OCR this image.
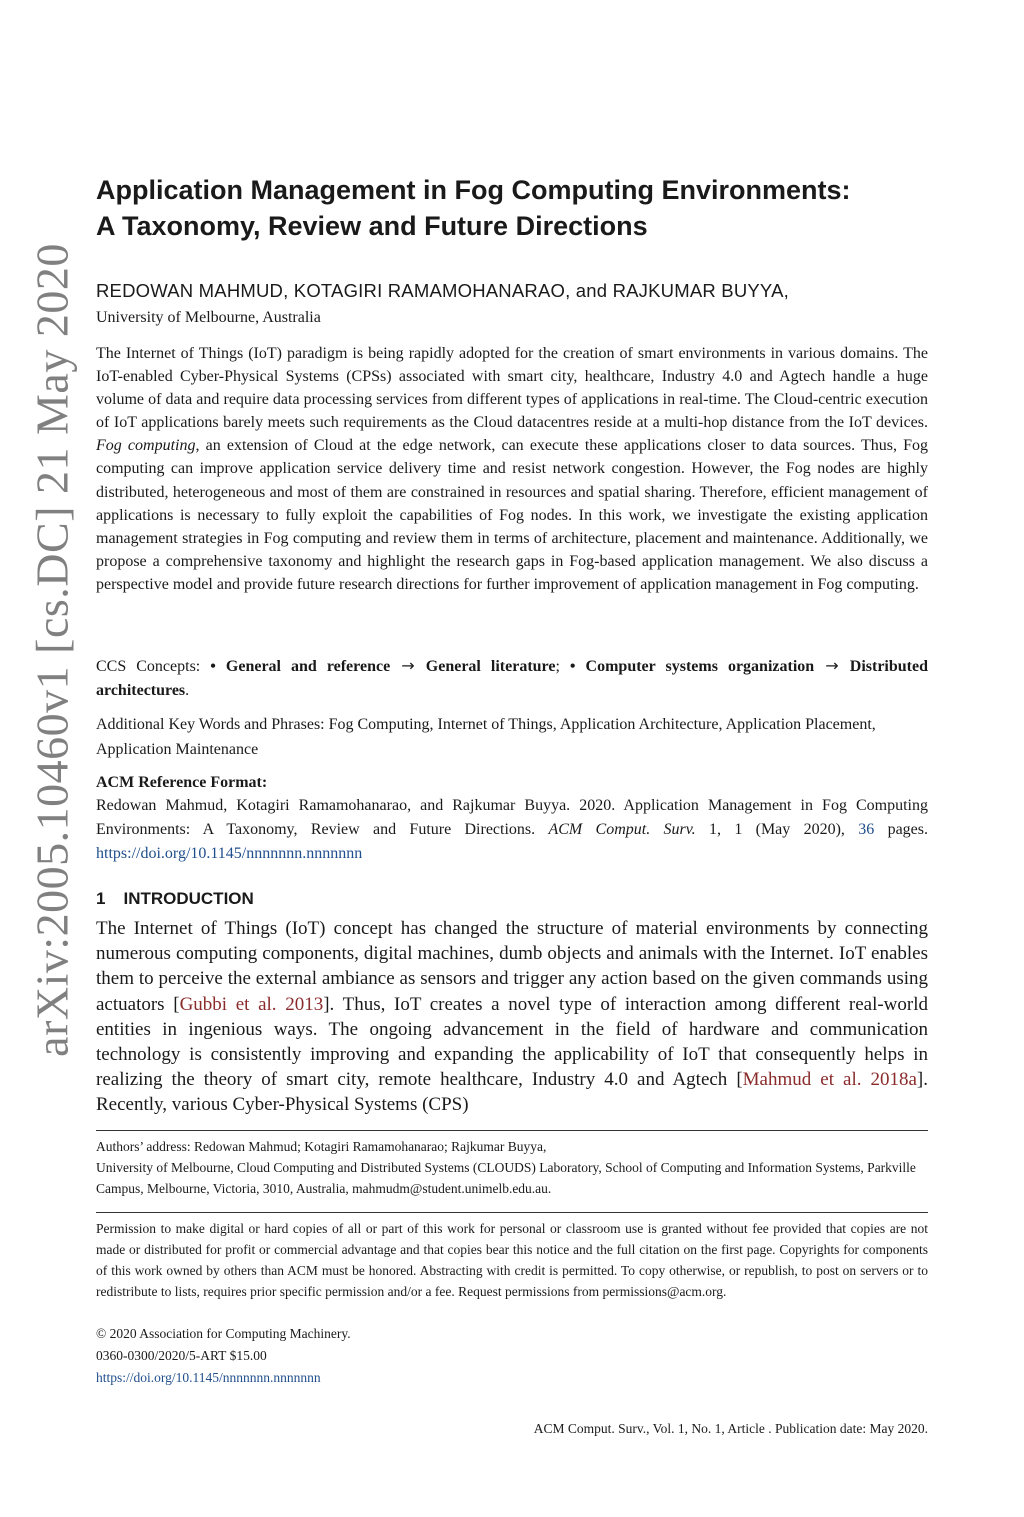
arXiv:2005.10460v1 [cs.DC] 21 May 2020
Application Management in Fog Computing Environments:
A Taxonomy, Review and Future Directions
REDOWAN MAHMUD, KOTAGIRI RAMAMOHANARAO, and RAJKUMAR BUYYA,
University of Melbourne, Australia

The Internet of Things (IoT) paradigm is being rapidly adopted for the creation of smart environments in various domains. The IoT-enabled Cyber-Physical Systems (CPSs) associated with smart city, healthcare, Industry 4.0 and Agtech handle a huge volume of data and require data processing services from different types of applications in real-time. The Cloud-centric execution of IoT applications barely meets such requirements as the Cloud datacentres reside at a multi-hop distance from the IoT devices. Fog computing, an extension of Cloud at the edge network, can execute these applications closer to data sources. Thus, Fog computing can improve application service delivery time and resist network congestion. However, the Fog nodes are highly distributed, heterogeneous and most of them are constrained in resources and spatial sharing. Therefore, efficient management of applications is necessary to fully exploit the capabilities of Fog nodes. In this work, we investigate the existing application management strategies in Fog computing and review them in terms of architecture, placement and maintenance. Additionally, we propose a comprehensive taxonomy and highlight the research gaps in Fog-based application management. We also discuss a perspective model and provide future research directions for further improvement of application management in Fog computing.

CCS Concepts: • General and reference → General literature; • Computer systems organization → Distributed architectures.

Additional Key Words and Phrases: Fog Computing, Internet of Things, Application Architecture, Application Placement, Application Maintenance

ACM Reference Format:

Redowan Mahmud, Kotagiri Ramamohanarao, and Rajkumar Buyya. 2020. Application Management in Fog Computing Environments: A Taxonomy, Review and Future Directions. ACM Comput. Surv. 1, 1 (May 2020), 36 pages. https://doi.org/10.1145/nnnnnnn.nnnnnnn

1 INTRODUCTION

The Internet of Things (IoT) concept has changed the structure of material environments by connecting numerous computing components, digital machines, dumb objects and animals with the Internet. IoT enables them to perceive the external ambiance as sensors and trigger any action based on the given commands using actuators [Gubbi et al. 2013]. Thus, IoT creates a novel type of interaction among different real-world entities in ingenious ways. The ongoing advancement in the field of hardware and communication technology is consistently improving and expanding the applicability of IoT that consequently helps in realizing the theory of smart city, remote healthcare, Industry 4.0 and Agtech [Mahmud et al. 2018a]. Recently, various Cyber-Physical Systems (CPS)

Authors’ address: Redowan Mahmud; Kotagiri Ramamohanarao; Rajkumar Buyya,
University of Melbourne, Cloud Computing and Distributed Systems (CLOUDS) Laboratory, School of Computing and Information Systems, Parkville Campus, Melbourne, Victoria, 3010, Australia, mahmudm@student.unimelb.edu.au.

Permission to make digital or hard copies of all or part of this work for personal or classroom use is granted without fee provided that copies are not made or distributed for profit or commercial advantage and that copies bear this notice and the full citation on the first page. Copyrights for components of this work owned by others than ACM must be honored. Abstracting with credit is permitted. To copy otherwise, or republish, to post on servers or to redistribute to lists, requires prior specific permission and/or a fee. Request permissions from permissions@acm.org.

© 2020 Association for Computing Machinery.
0360-0300/2020/5-ART $15.00
https://doi.org/10.1145/nnnnnnn.nnnnnnn
ACM Comput. Surv., Vol. 1, No. 1, Article . Publication date: May 2020.
